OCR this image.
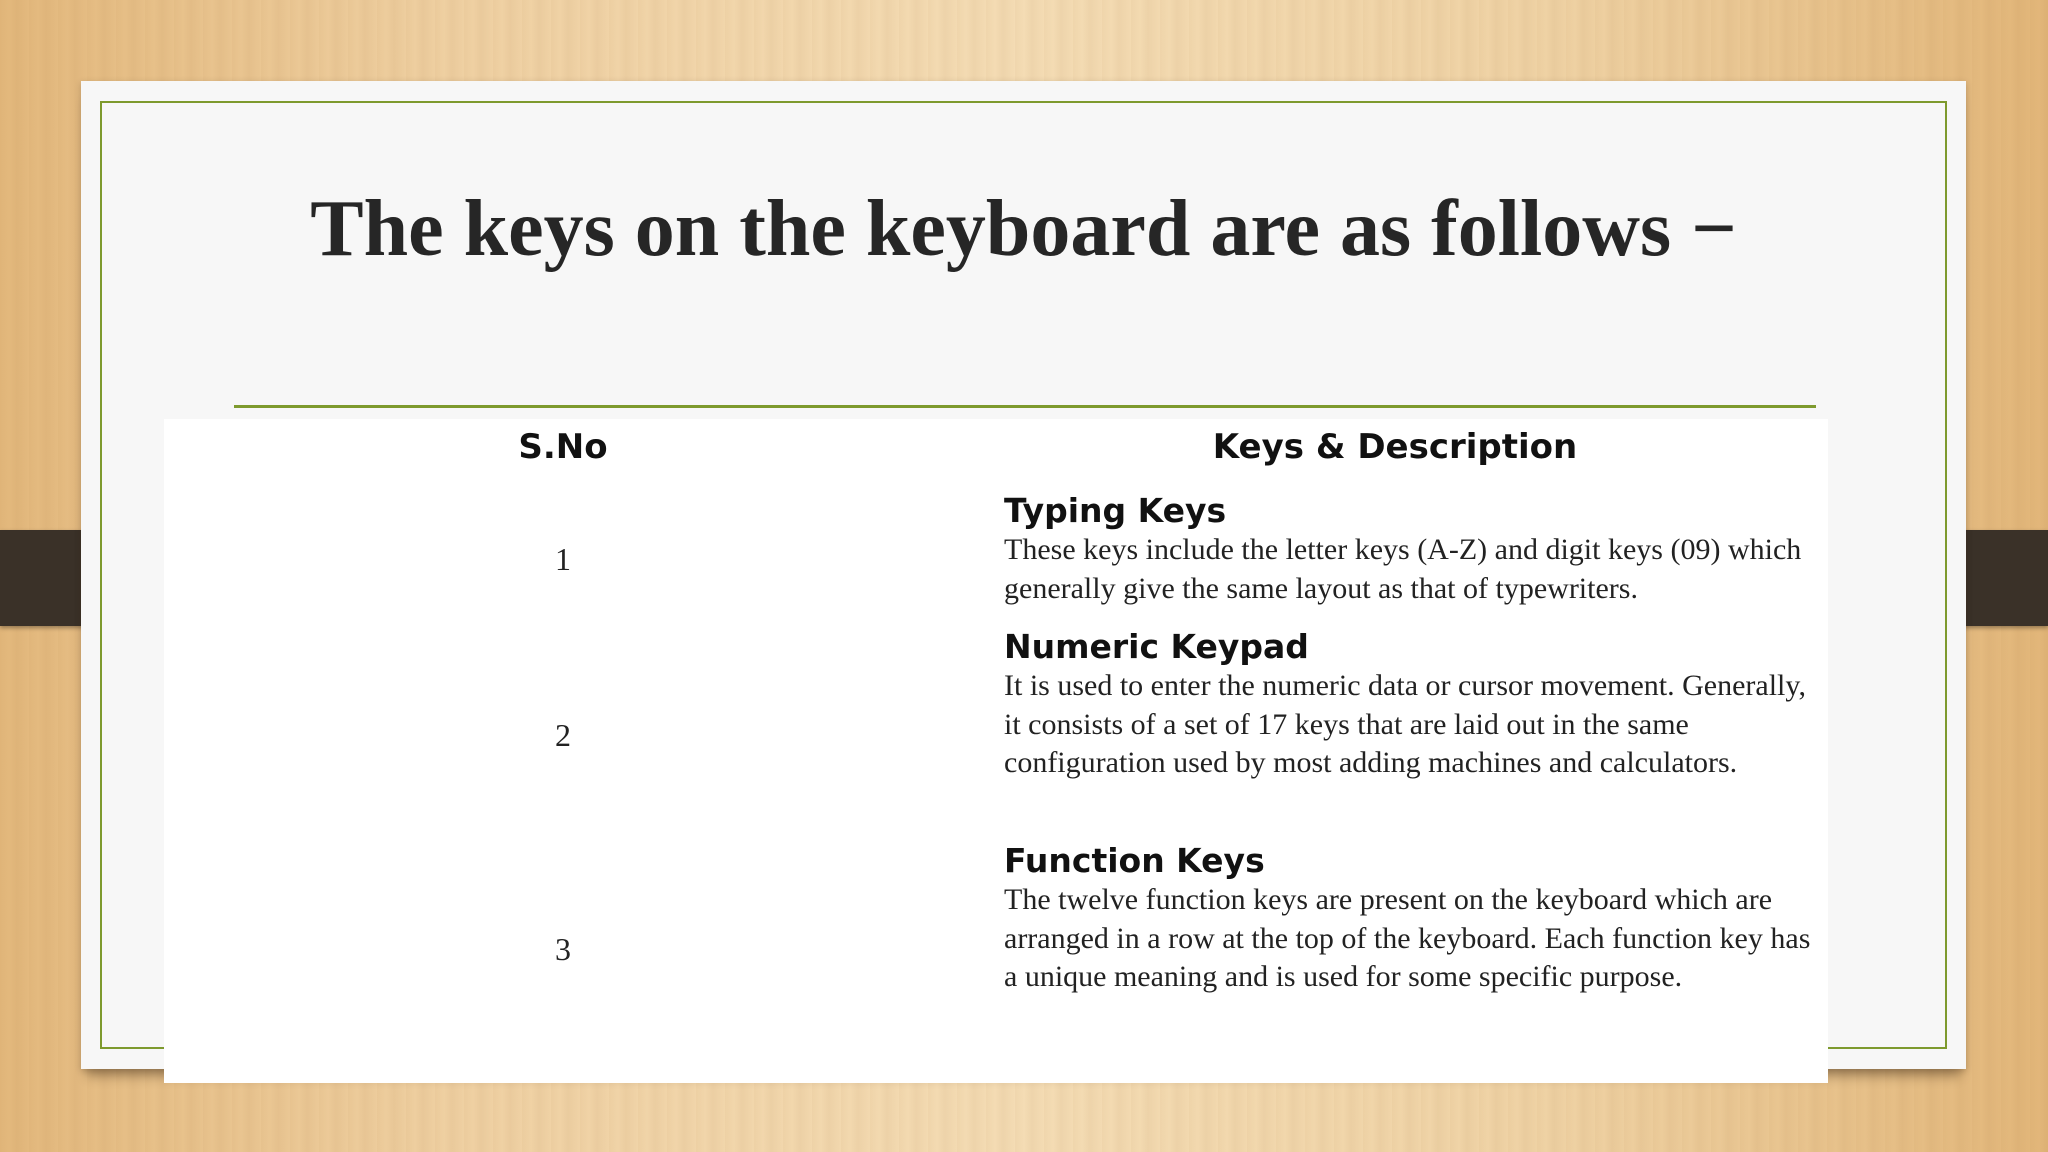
The keys on the keyboard are as follows −
S.No	Keys & Description
1
Typing Keys
These keys include the letter keys (A-Z) and digit keys (09) which generally give the same layout as that of typewriters.
2
Numeric Keypad
It is used to enter the numeric data or cursor movement. Generally, it consists of a set of 17 keys that are laid out in the same configuration used by most adding machines and calculators.
3
Function Keys
The twelve function keys are present on the keyboard which are arranged in a row at the top of the keyboard. Each function key has a unique meaning and is used for some specific purpose.
